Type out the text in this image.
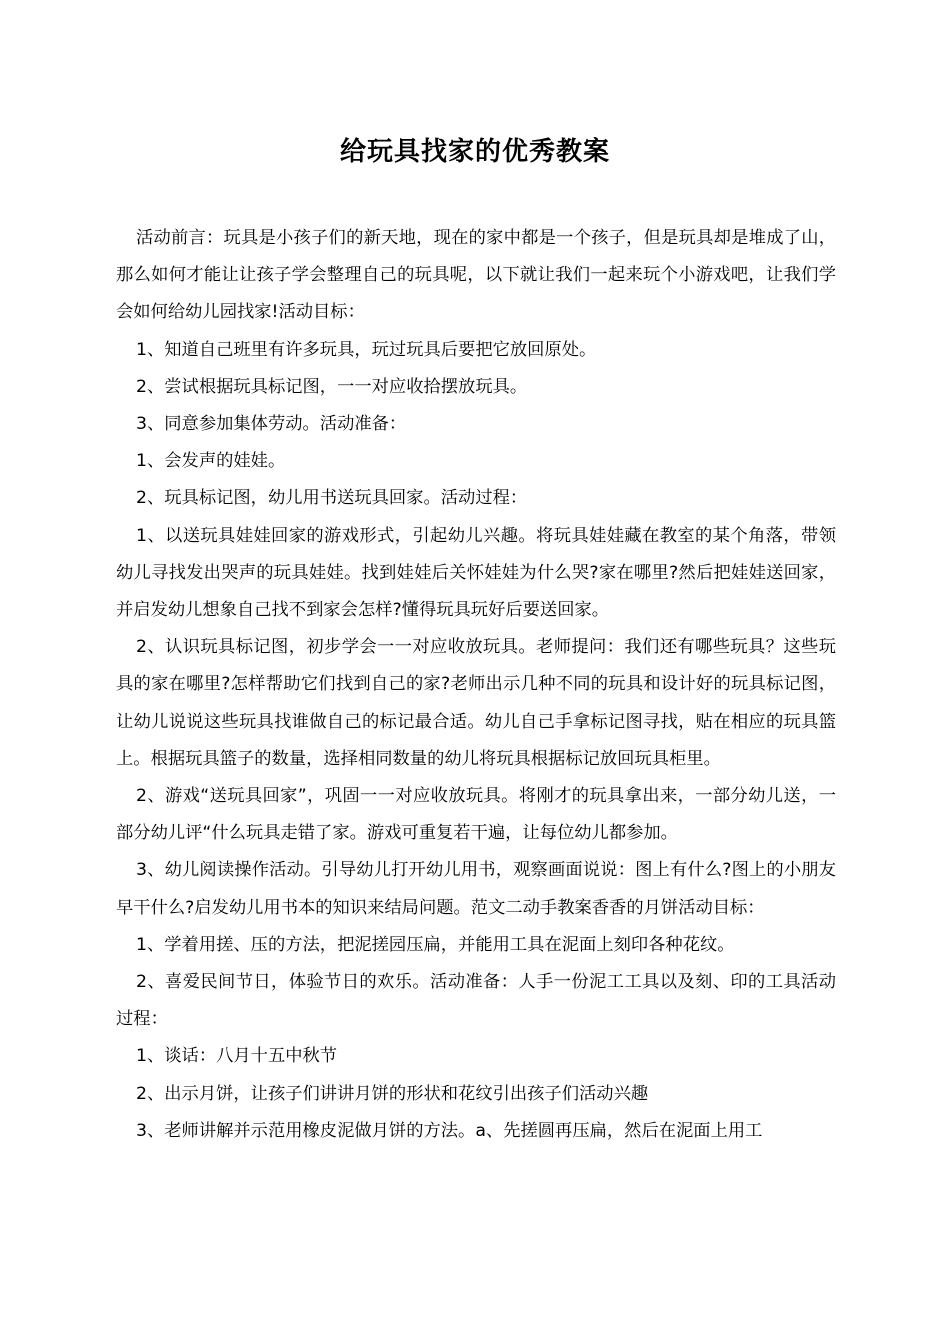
给玩具找家的优秀教案

活动前言：玩具是小孩子们的新天地，现在的家中都是一个孩子，但是玩具却是堆成了山，那么如何才能让让孩子学会整理自己的玩具呢，以下就让我们一起来玩个小游戏吧，让我们学会如何给幼儿园找家!活动目标：

1、知道自己班里有许多玩具，玩过玩具后要把它放回原处。

2、尝试根据玩具标记图，一一对应收拾摆放玩具。

3、同意参加集体劳动。活动准备：

1、会发声的娃娃。

2、玩具标记图，幼儿用书送玩具回家。活动过程：

1、以送玩具娃娃回家的游戏形式，引起幼儿兴趣。将玩具娃娃藏在教室的某个角落，带领幼儿寻找发出哭声的玩具娃娃。找到娃娃后关怀娃娃为什么哭?家在哪里?然后把娃娃送回家，并启发幼儿想象自己找不到家会怎样?懂得玩具玩好后要送回家。

2、认识玩具标记图，初步学会一一对应收放玩具。老师提问：我们还有哪些玩具？这些玩具的家在哪里?怎样帮助它们找到自己的家?老师出示几种不同的玩具和设计好的玩具标记图，让幼儿说说这些玩具找谁做自己的标记最合适。幼儿自己手拿标记图寻找，贴在相应的玩具篮上。根据玩具篮子的数量，选择相同数量的幼儿将玩具根据标记放回玩具柜里。

2、游戏“送玩具回家”，巩固一一对应收放玩具。将刚才的玩具拿出来，一部分幼儿送，一部分幼儿评“什么玩具走错了家。游戏可重复若干遍，让每位幼儿都参加。

3、幼儿阅读操作活动。引导幼儿打开幼儿用书，观察画面说说：图上有什么?图上的小朋友早干什么?启发幼儿用书本的知识来结局问题。范文二动手教案香香的月饼活动目标：

1、学着用搓、压的方法，把泥搓园压扁，并能用工具在泥面上刻印各种花纹。

2、喜爱民间节日，体验节日的欢乐。活动准备：人手一份泥工工具以及刻、印的工具活动过程：

1、谈话：八月十五中秋节

2、出示月饼，让孩子们讲讲月饼的形状和花纹引出孩子们活动兴趣

3、老师讲解并示范用橡皮泥做月饼的方法。a、先搓圆再压扁，然后在泥面上用工
